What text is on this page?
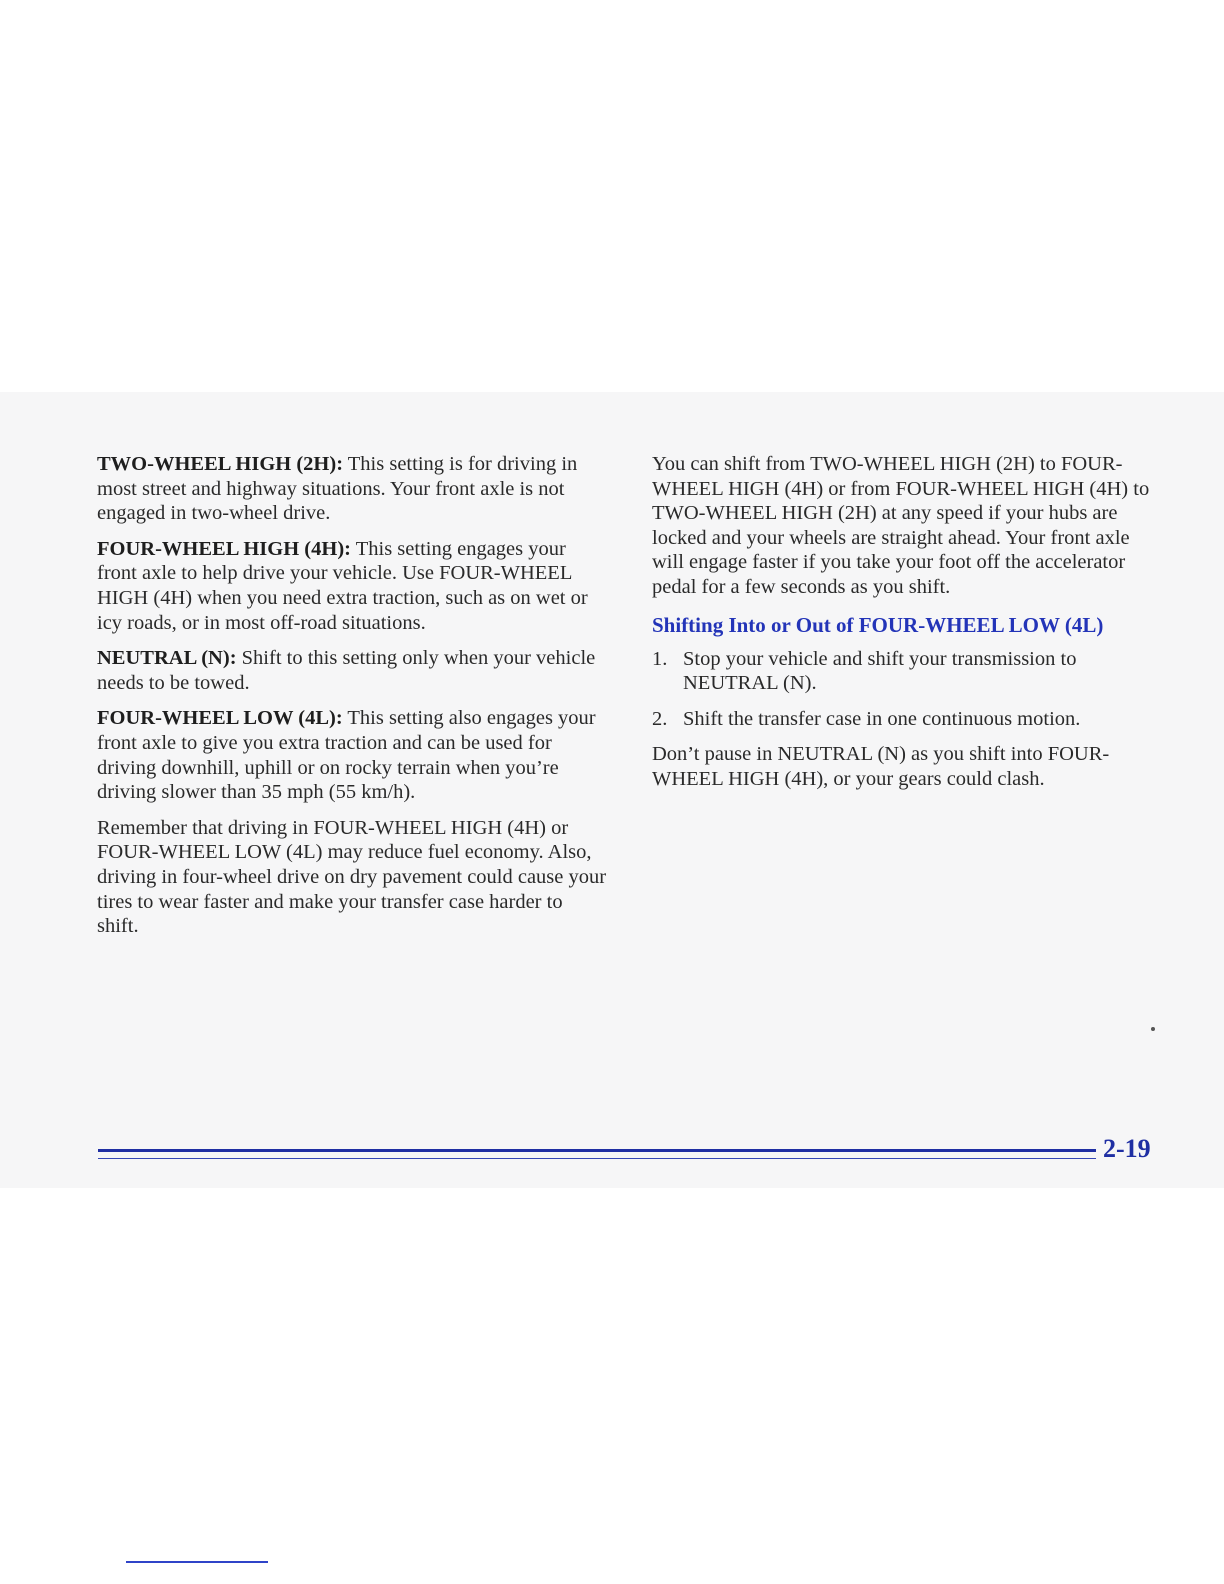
TWO-WHEEL HIGH (2H): This setting is for driving in most street and highway situations. Your front axle is not engaged in two-wheel drive.

FOUR-WHEEL HIGH (4H): This setting engages your front axle to help drive your vehicle. Use FOUR-WHEEL HIGH (4H) when you need extra traction, such as on wet or icy roads, or in most off-road situations.

NEUTRAL (N): Shift to this setting only when your vehicle needs to be towed.

FOUR-WHEEL LOW (4L): This setting also engages your front axle to give you extra traction and can be used for driving downhill, uphill or on rocky terrain when you’re driving slower than 35 mph (55 km/h).

Remember that driving in FOUR-WHEEL HIGH (4H) or FOUR-WHEEL LOW (4L) may reduce fuel economy. Also, driving in four-wheel drive on dry pavement could cause your tires to wear faster and make your transfer case harder to shift.

You can shift from TWO-WHEEL HIGH (2H) to FOUR-WHEEL HIGH (4H) or from FOUR-WHEEL HIGH (4H) to TWO-WHEEL HIGH (2H) at any speed if your hubs are locked and your wheels are straight ahead. Your front axle will engage faster if you take your foot off the accelerator pedal for a few seconds as you shift.

Shifting Into or Out of FOUR-WHEEL LOW (4L)
1. Stop your vehicle and shift your transmission to NEUTRAL (N).
2. Shift the transfer case in one continuous motion.

Don’t pause in NEUTRAL (N) as you shift into FOUR-WHEEL HIGH (4H), or your gears could clash.

2-19
